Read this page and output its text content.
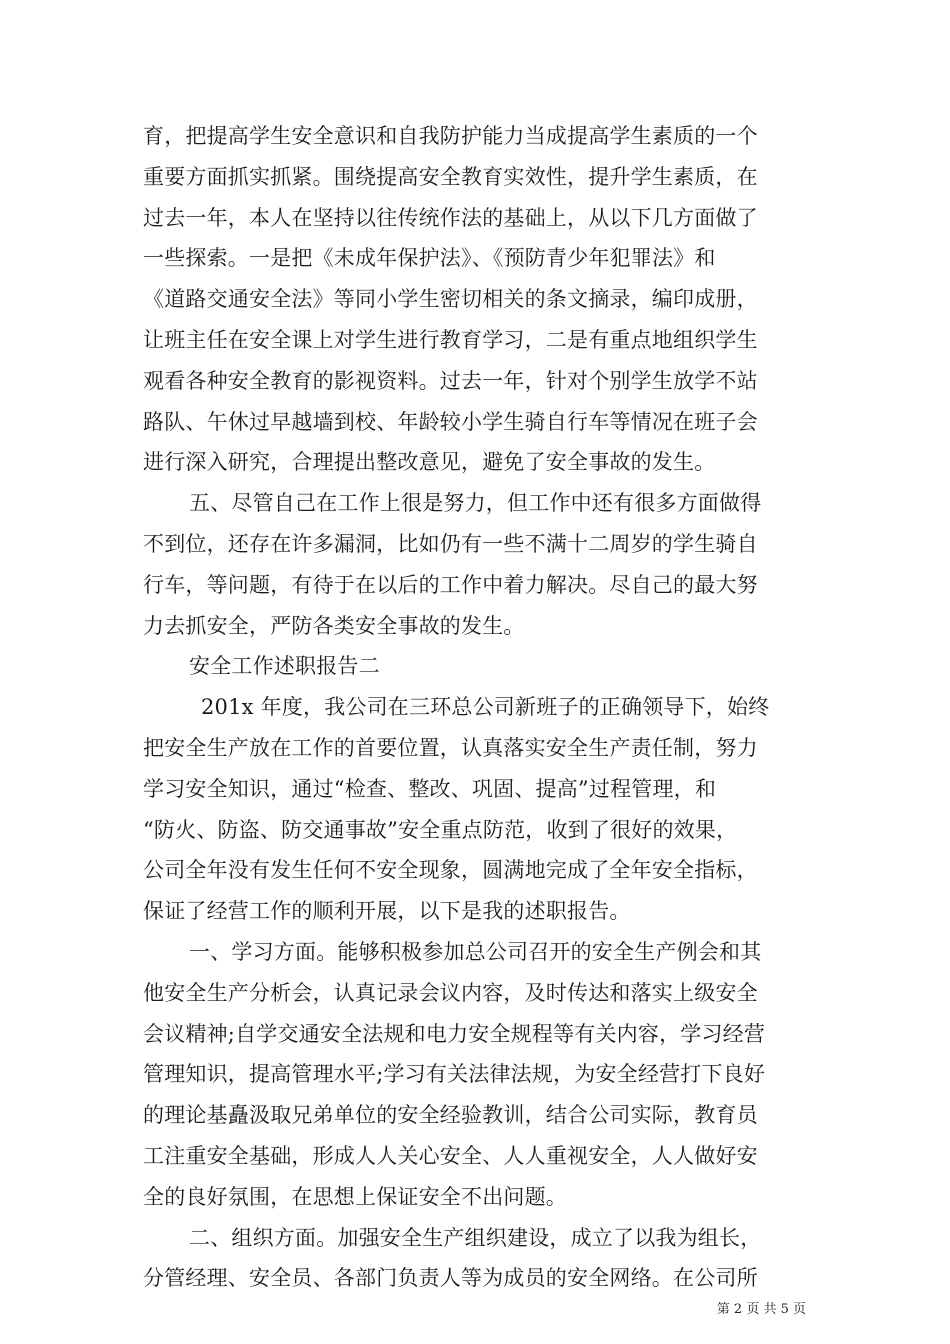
育，把提高学生安全意识和自我防护能力当成提高学生素质的一个
重要方面抓实抓紧。围绕提高安全教育实效性，提升学生素质，在
过去一年，本人在坚持以往传统作法的基础上，从以下几方面做了
一些探索。一是把《未成年保护法》、《预防青少年犯罪法》和
《道路交通安全法》等同小学生密切相关的条文摘录，编印成册，
让班主任在安全课上对学生进行教育学习，二是有重点地组织学生
观看各种安全教育的影视资料。过去一年，针对个别学生放学不站
路队、午休过早越墙到校、年龄较小学生骑自行车等情况在班子会
进行深入研究，合理提出整改意见，避免了安全事故的发生。
五、尽管自己在工作上很是努力，但工作中还有很多方面做得
不到位，还存在许多漏洞，比如仍有一些不满十二周岁的学生骑自
行车，等问题，有待于在以后的工作中着力解决。尽自己的最大努
力去抓安全，严防各类安全事故的发生。
安全工作述职报告二
201x 年度，我公司在三环总公司新班子的正确领导下，始终
把安全生产放在工作的首要位置，认真落实安全生产责任制，努力
学习安全知识，通过“检查、整改、巩固、提高”过程管理，和
“防火、防盗、防交通事故”安全重点防范，收到了很好的效果，
公司全年没有发生任何不安全现象，圆满地完成了全年安全指标，
保证了经营工作的顺利开展，以下是我的述职报告。
一、学习方面。能够积极参加总公司召开的安全生产例会和其
他安全生产分析会，认真记录会议内容，及时传达和落实上级安全
会议精神;自学交通安全法规和电力安全规程等有关内容，学习经营
管理知识，提高管理水平;学习有关法律法规，为安全经营打下良好
的理论基矗汲取兄弟单位的安全经验教训，结合公司实际，教育员
工注重安全基础，形成人人关心安全、人人重视安全，人人做好安
全的良好氛围，在思想上保证安全不出问题。
二、组织方面。加强安全生产组织建设，成立了以我为组长，
分管经理、安全员、各部门负责人等为成员的安全网络。在公司所
第 2 页 共 5 页
